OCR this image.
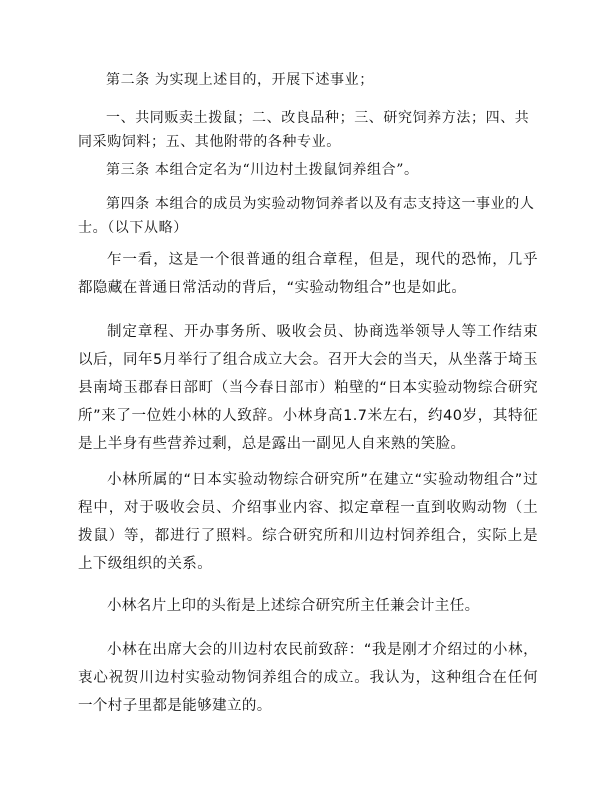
第二条 为实现上述目的，开展下述事业；

一、共同贩卖土拨鼠；二、改良品种；三、研究饲养方法；四、共同采购饲料；五、其他附带的各种专业。

第三条 本组合定名为“川边村土拨鼠饲养组合”。

第四条 本组合的成员为实验动物饲养者以及有志支持这一事业的人士。（以下从略）

乍一看，这是一个很普通的组合章程，但是，现代的恐怖，几乎都隐藏在普通日常活动的背后，“实验动物组合”也是如此。

制定章程、开办事务所、吸收会员、协商选举领导人等工作结束以后，同年5月举行了组合成立大会。召开大会的当天，从坐落于埼玉县南埼玉郡春日部町（当今春日部市）粕壁的“日本实验动物综合研究所”来了一位姓小林的人致辞。小林身高1.7米左右，约40岁，其特征是上半身有些营养过剩，总是露出一副见人自来熟的笑脸。

小林所属的“日本实验动物综合研究所”在建立“实验动物组合”过程中，对于吸收会员、介绍事业内容、拟定章程一直到收购动物（土拨鼠）等，都进行了照料。综合研究所和川边村饲养组合，实际上是上下级组织的关系。

小林名片上印的头衔是上述综合研究所主任兼会计主任。

小林在出席大会的川边村农民前致辞：“我是刚才介绍过的小林，衷心祝贺川边村实验动物饲养组合的成立。我认为，这种组合在任何一个村子里都是能够建立的。
